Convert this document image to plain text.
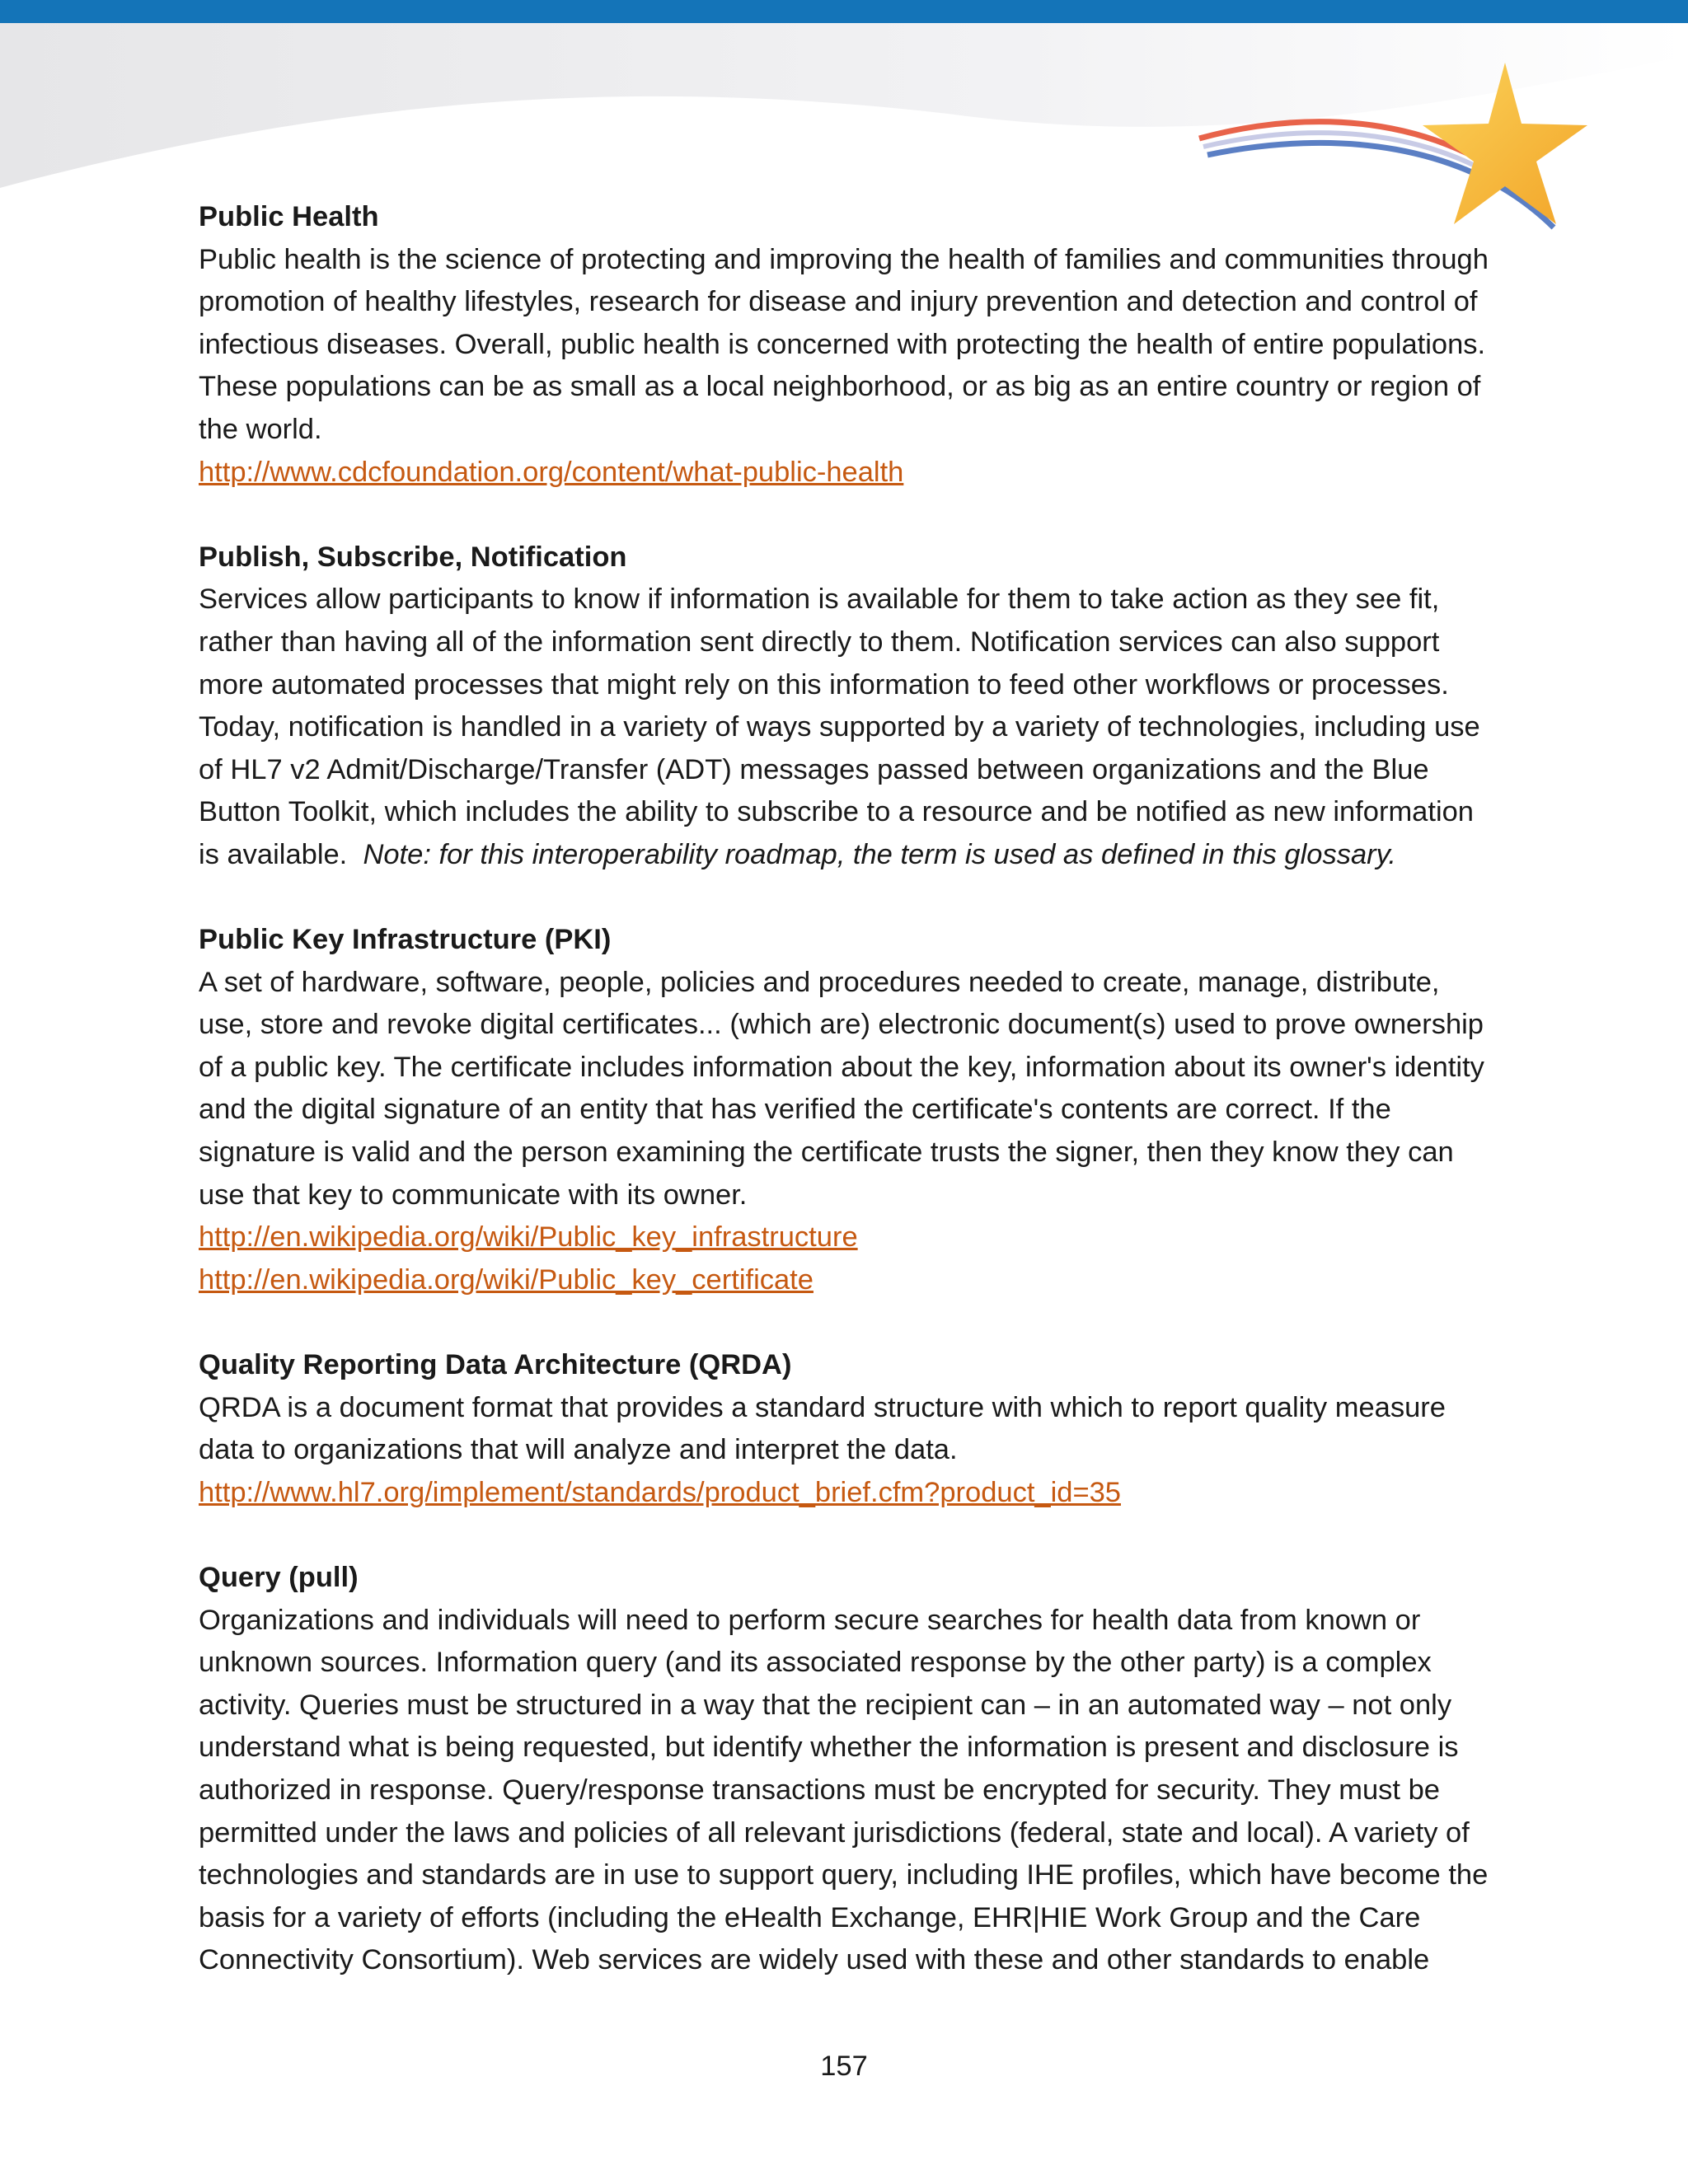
Public Health

Public health is the science of protecting and improving the health of families and communities through promotion of healthy lifestyles, research for disease and injury prevention and detection and control of infectious diseases. Overall, public health is concerned with protecting the health of entire populations. These populations can be as small as a local neighborhood, or as big as an entire country or region of the world.

http://www.cdcfoundation.org/content/what-public-health

Publish, Subscribe, Notification

Services allow participants to know if information is available for them to take action as they see fit, rather than having all of the information sent directly to them. Notification services can also support more automated processes that might rely on this information to feed other workflows or processes. Today, notification is handled in a variety of ways supported by a variety of technologies, including use of HL7 v2 Admit/Discharge/Transfer (ADT) messages passed between organizations and the Blue Button Toolkit, which includes the ability to subscribe to a resource and be notified as new information is available. Note: for this interoperability roadmap, the term is used as defined in this glossary.

Public Key Infrastructure (PKI)

A set of hardware, software, people, policies and procedures needed to create, manage, distribute, use, store and revoke digital certificates... (which are) electronic document(s) used to prove ownership of a public key. The certificate includes information about the key, information about its owner's identity and the digital signature of an entity that has verified the certificate's contents are correct. If the signature is valid and the person examining the certificate trusts the signer, then they know they can use that key to communicate with its owner.

http://en.wikipedia.org/wiki/Public_key_infrastructure
http://en.wikipedia.org/wiki/Public_key_certificate

Quality Reporting Data Architecture (QRDA)

QRDA is a document format that provides a standard structure with which to report quality measure data to organizations that will analyze and interpret the data.

http://www.hl7.org/implement/standards/product_brief.cfm?product_id=35

Query (pull)

Organizations and individuals will need to perform secure searches for health data from known or unknown sources. Information query (and its associated response by the other party) is a complex activity. Queries must be structured in a way that the recipient can – in an automated way – not only understand what is being requested, but identify whether the information is present and disclosure is authorized in response. Query/response transactions must be encrypted for security. They must be permitted under the laws and policies of all relevant jurisdictions (federal, state and local). A variety of technologies and standards are in use to support query, including IHE profiles, which have become the basis for a variety of efforts (including the eHealth Exchange, EHR|HIE Work Group and the Care Connectivity Consortium). Web services are widely used with these and other standards to enable

157
